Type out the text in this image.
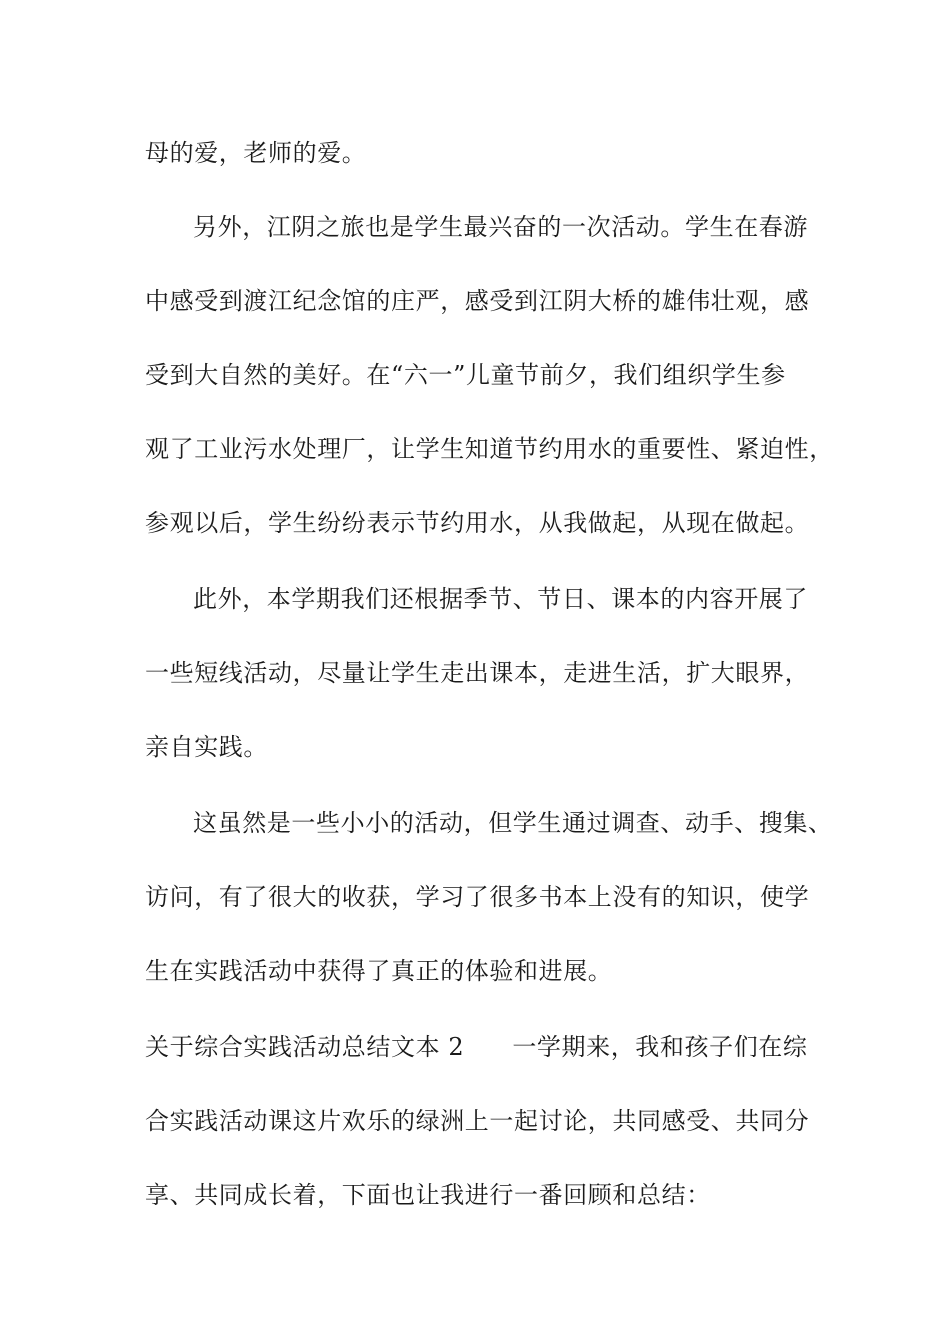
母的爱，老师的爱。
另外，江阴之旅也是学生最兴奋的一次活动。学生在春游
中感受到渡江纪念馆的庄严，感受到江阴大桥的雄伟壮观，感
受到大自然的美好。在“六一”儿童节前夕，我们组织学生参
观了工业污水处理厂，让学生知道节约用水的重要性、紧迫性，
参观以后，学生纷纷表示节约用水，从我做起，从现在做起。
此外，本学期我们还根据季节、节日、课本的内容开展了
一些短线活动，尽量让学生走出课本，走进生活，扩大眼界，
亲自实践。
这虽然是一些小小的活动，但学生通过调查、动手、搜集、
访问，有了很大的收获，学习了很多书本上没有的知识，使学
生在实践活动中获得了真正的体验和进展。
关于综合实践活动总结文本 2 一学期来，我和孩子们在综
合实践活动课这片欢乐的绿洲上一起讨论，共同感受、共同分
享、共同成长着，下面也让我进行一番回顾和总结：
